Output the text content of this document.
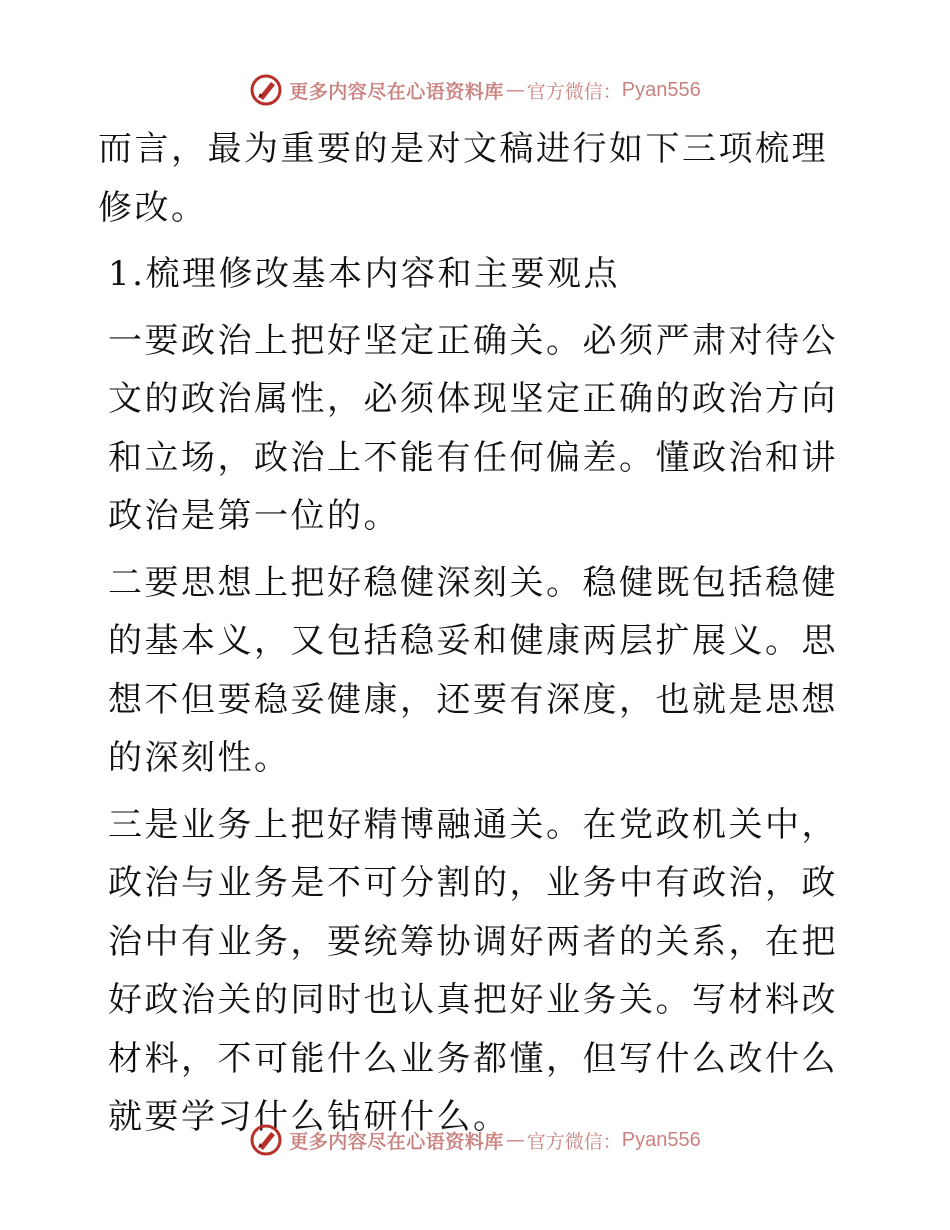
更多内容尽在心语资料库 — 官方微信： Pyan556

而言，最为重要的是对文稿进行如下三项梳理修改。

1.梳理修改基本内容和主要观点

一要政治上把好坚定正确关。必须严肃对待公文的政治属性，必须体现坚定正确的政治方向和立场，政治上不能有任何偏差。懂政治和讲政治是第一位的。

二要思想上把好稳健深刻关。稳健既包括稳健的基本义，又包括稳妥和健康两层扩展义。思想不但要稳妥健康，还要有深度，也就是思想的深刻性。

三是业务上把好精博融通关。在党政机关中，政治与业务是不可分割的，业务中有政治，政治中有业务，要统筹协调好两者的关系，在把好政治关的同时也认真把好业务关。写材料改材料，不可能什么业务都懂，但写什么改什么就要学习什么钻研什么。

更多内容尽在心语资料库 — 官方微信： Pyan556
